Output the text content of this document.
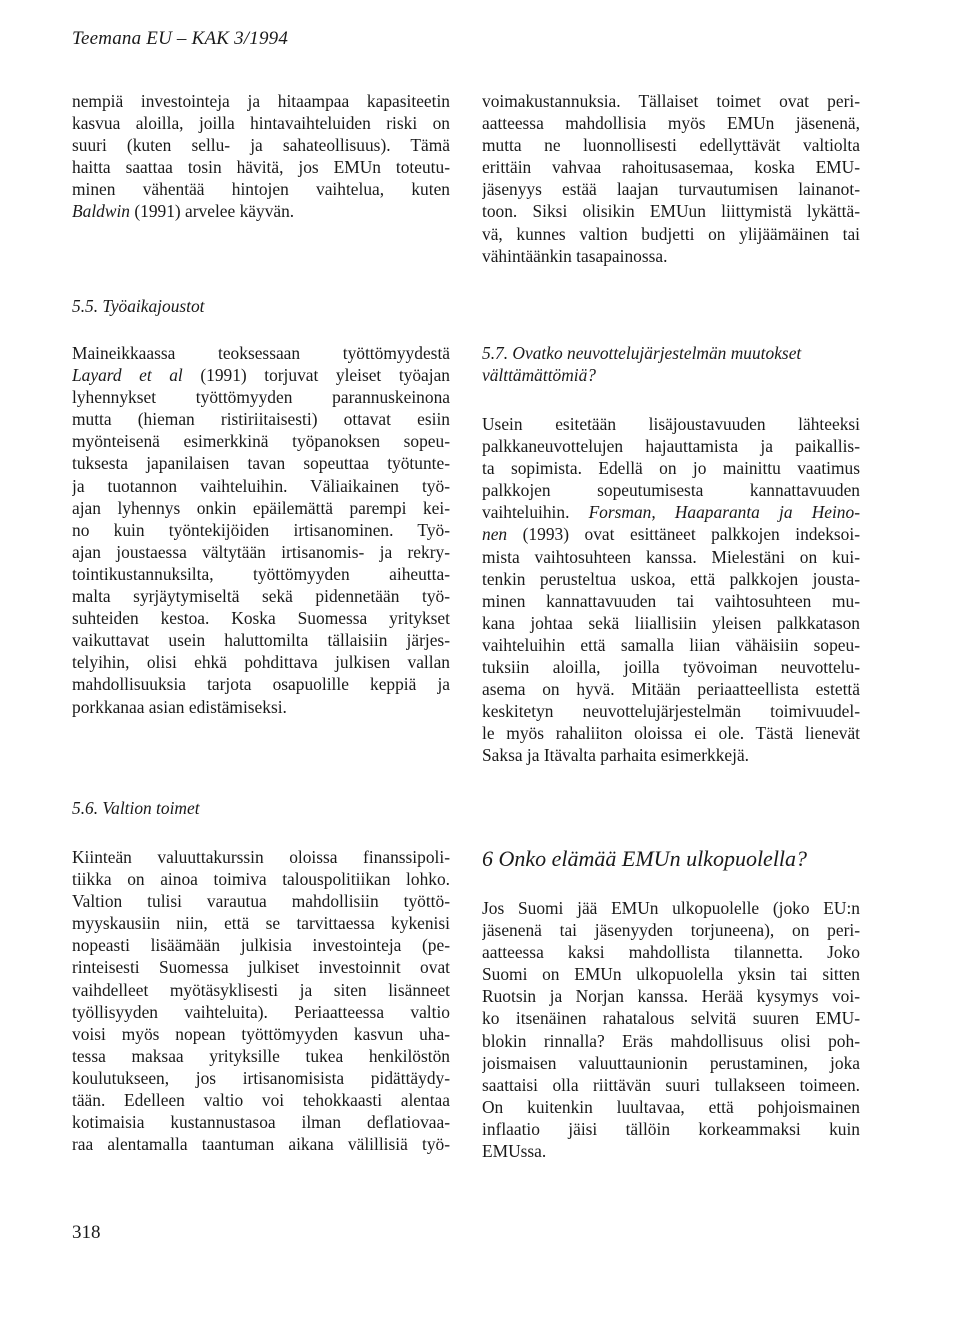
Teemana EU – KAK 3/1994
nempiä investointeja ja hitaampaa kapasiteetin
kasvua aloilla, joilla hintavaihteluiden riski on
suuri (kuten sellu- ja sahateollisuus). Tämä
haitta saattaa tosin hävitä, jos EMUn toteutu-
minen vähentää hintojen vaihtelua, kuten
Baldwin (1991) arvelee käyvän.

5.5. Työaikajoustot

Maineikkaassa teoksessaan työttömyydestä
Layard et al (1991) torjuvat yleiset työajan
lyhennykset työttömyyden parannuskeinona
mutta (hieman ristiriitaisesti) ottavat esiin
myönteisenä esimerkkinä työpanoksen sopeu-
tuksesta japanilaisen tavan sopeuttaa työtunte-
ja tuotannon vaihteluihin. Väliaikainen työ-
ajan lyhennys onkin epäilemättä parempi kei-
no kuin työntekijöiden irtisanominen. Työ-
ajan joustaessa vältytään irtisanomis- ja rekry-
tointikustannuksilta, työttömyyden aiheutta-
malta syrjäytymiseltä sekä pidennetään työ-
suhteiden kestoa. Koska Suomessa yritykset
vaikuttavat usein haluttomilta tällaisiin järjes-
telyihin, olisi ehkä pohdittava julkisen vallan
mahdollisuuksia tarjota osapuolille keppiä ja
porkkanaa asian edistämiseksi.

5.6. Valtion toimet

Kiinteän valuuttakurssin oloissa finanssipoli-
tiikka on ainoa toimiva talouspolitiikan lohko.
Valtion tulisi varautua mahdollisiin työttö-
myyskausiin niin, että se tarvittaessa kykenisi
nopeasti lisäämään julkisia investointeja (pe-
rinteisesti Suomessa julkiset investoinnit ovat
vaihdelleet myötäsyklisesti ja siten lisänneet
työllisyyden vaihteluita). Periaatteessa valtio
voisi myös nopean työttömyyden kasvun uha-
tessa maksaa yrityksille tukea henkilöstön
koulutukseen, jos irtisanomisista pidättäydy-
tään. Edelleen valtio voi tehokkaasti alentaa
kotimaisia kustannustasoa ilman deflatiovaa-
raa alentamalla taantuman aikana välillisiä työ-
voimakustannuksia. Tällaiset toimet ovat peri-
aatteessa mahdollisia myös EMUn jäsenenä,
mutta ne luonnollisesti edellyttävät valtiolta
erittäin vahvaa rahoitusasemaa, koska EMU-
jäsenyys estää laajan turvautumisen lainanot-
toon. Siksi olisikin EMUun liittymistä lykättä-
vä, kunnes valtion budjetti on ylijäämäinen tai
vähintäänkin tasapainossa.

5.7. Ovatko neuvottelujärjestelmän muutokset

välttämättömiä?

Usein esitetään lisäjoustavuuden lähteeksi
palkkaneuvottelujen hajauttamista ja paikallis-
ta sopimista. Edellä on jo mainittu vaatimus
palkkojen sopeutumisesta kannattavuuden
vaihteluihin. Forsman, Haaparanta ja Heino-
nen (1993) ovat esittäneet palkkojen indeksoi-
mista vaihtosuhteen kanssa. Mielestäni on kui-
tenkin perusteltua uskoa, että palkkojen jousta-
minen kannattavuuden tai vaihtosuhteen mu-
kana johtaa sekä liiallisiin yleisen palkkatason
vaihteluihin että samalla liian vähäisiin sopeu-
tuksiin aloilla, joilla työvoiman neuvottelu-
asema on hyvä. Mitään periaatteellista estettä
keskitetyn neuvottelujärjestelmän toimivuudel-
le myös rahaliiton oloissa ei ole. Tästä lienevät
Saksa ja Itävalta parhaita esimerkkejä.

6 Onko elämää EMUn ulkopuolella?

Jos Suomi jää EMUn ulkopuolelle (joko EU:n
jäsenenä tai jäsenyyden torjuneena), on peri-
aatteessa kaksi mahdollista tilannetta. Joko
Suomi on EMUn ulkopuolella yksin tai sitten
Ruotsin ja Norjan kanssa. Herää kysymys voi-
ko itsenäinen rahatalous selvitä suuren EMU-
blokin rinnalla? Eräs mahdollisuus olisi poh-
joismaisen valuuttaunionin perustaminen, joka
saattaisi olla riittävän suuri tullakseen toimeen.
On kuitenkin luultavaa, että pohjoismainen
inflaatio jäisi tällöin korkeammaksi kuin
EMUssa.
318
